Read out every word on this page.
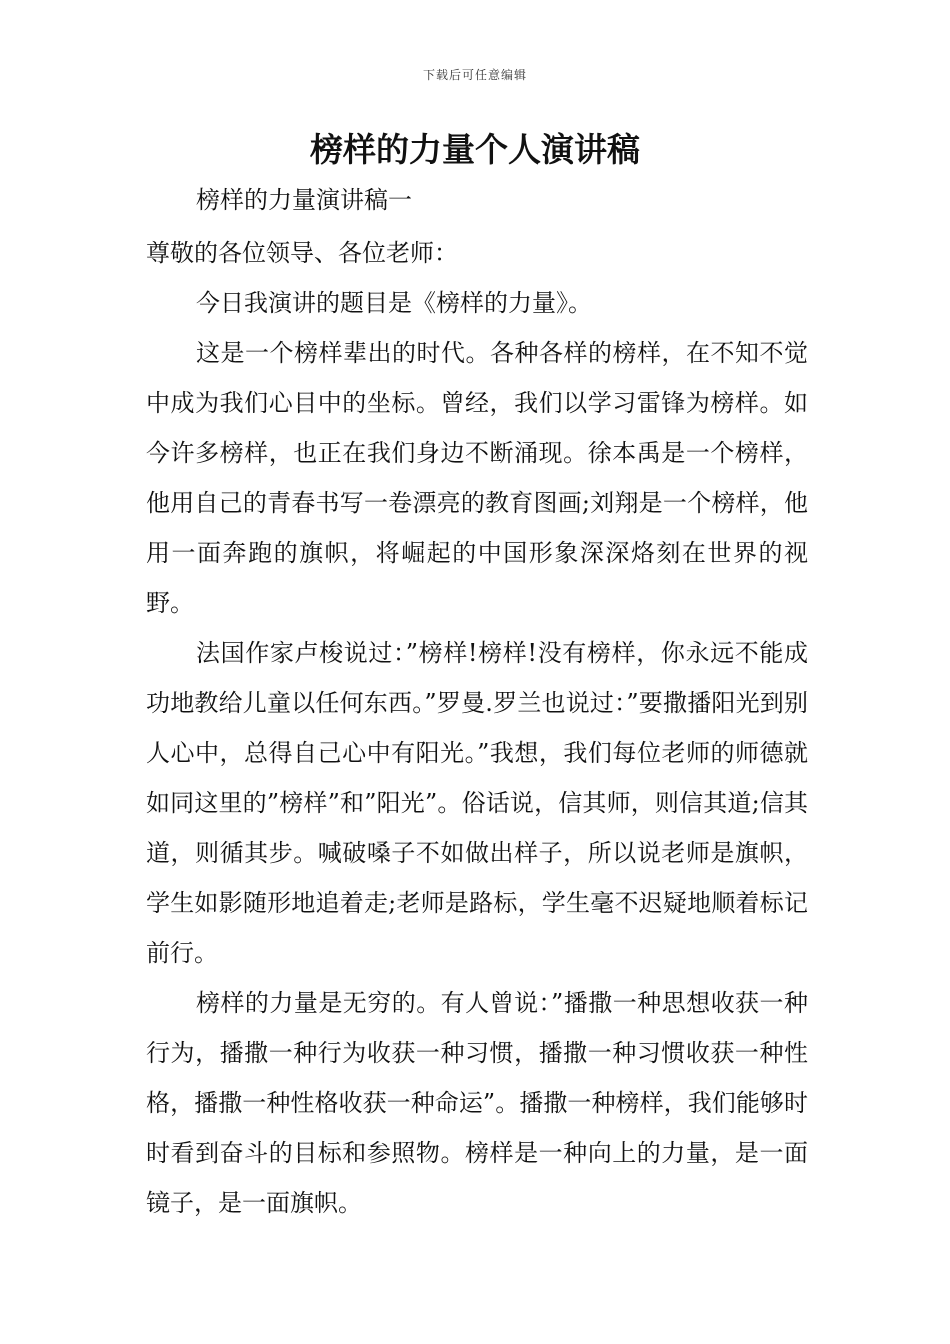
下载后可任意编辑
榜样的力量个人演讲稿

榜样的力量演讲稿一

尊敬的各位领导、各位老师：

今日我演讲的题目是《榜样的力量》。

这是一个榜样辈出的时代。各种各样的榜样，在不知不觉中成为我们心目中的坐标。曾经，我们以学习雷锋为榜样。如今许多榜样，也正在我们身边不断涌现。徐本禹是一个榜样，他用自己的青春书写一卷漂亮的教育图画;刘翔是一个榜样，他用一面奔跑的旗帜，将崛起的中国形象深深烙刻在世界的视野。

法国作家卢梭说过：”榜样!榜样!没有榜样，你永远不能成功地教给儿童以任何东西。”罗曼.罗兰也说过：”要撒播阳光到别人心中，总得自己心中有阳光。”我想，我们每位老师的师德就如同这里的”榜样”和”阳光”。俗话说，信其师，则信其道;信其道，则循其步。喊破嗓子不如做出样子，所以说老师是旗帜，学生如影随形地追着走;老师是路标，学生毫不迟疑地顺着标记前行。

榜样的力量是无穷的。有人曾说：”播撒一种思想收获一种行为，播撒一种行为收获一种习惯，播撒一种习惯收获一种性格，播撒一种性格收获一种命运”。播撒一种榜样，我们能够时时看到奋斗的目标和参照物。榜样是一种向上的力量，是一面镜子，是一面旗帜。
